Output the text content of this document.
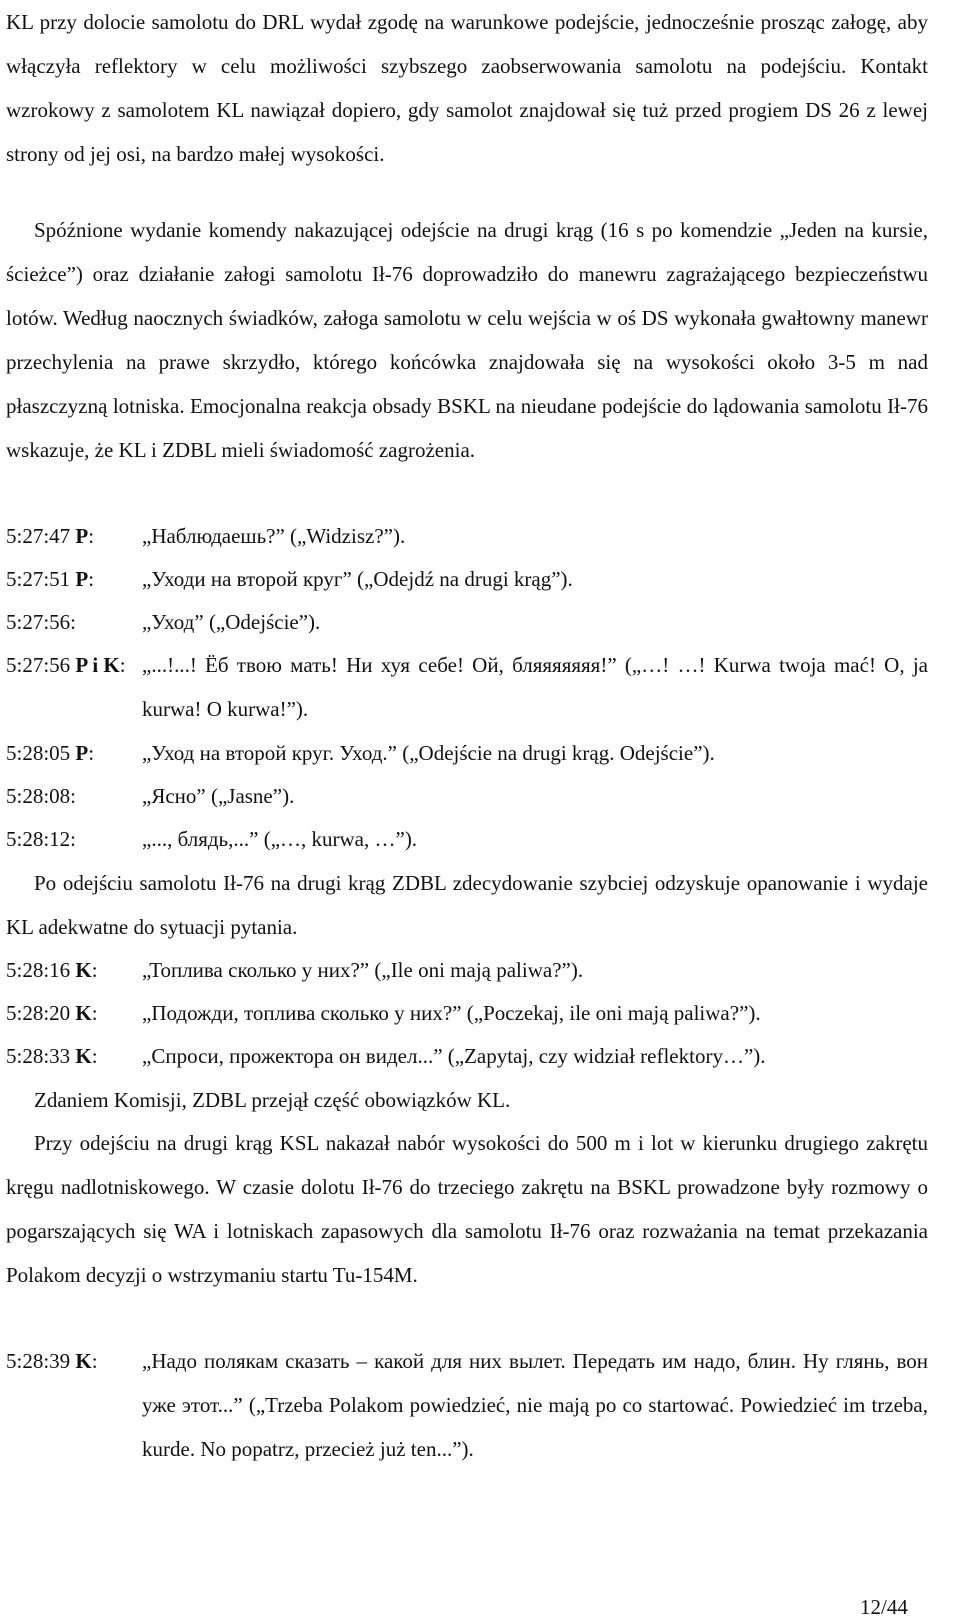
KL przy dolocie samolotu do DRL wydał zgodę na warunkowe podejście, jednocześnie prosząc załogę, aby włączyła reflektory w celu możliwości szybszego zaobserwowania samolotu na podejściu. Kontakt wzrokowy z samolotem KL nawiązał dopiero, gdy samolot znajdował się tuż przed progiem DS 26 z lewej strony od jej osi, na bardzo małej wysokości.
Spóźnione wydanie komendy nakazującej odejście na drugi krąg (16 s po komendzie „Jeden na kursie, ścieżce”) oraz działanie załogi samolotu Ił-76 doprowadziło do manewru zagrażającego bezpieczeństwu lotów. Według naocznych świadków, załoga samolotu w celu wejścia w oś DS wykonała gwałtowny manewr przechylenia na prawe skrzydło, którego końcówka znajdowała się na wysokości około 3-5 m nad płaszczyzną lotniska. Emocjonalna reakcja obsady BSKL na nieudane podejście do lądowania samolotu Ił-76 wskazuje, że KL i ZDBL mieli świadomość zagrożenia.
5:27:47 P: „Наблюдаешь?” („Widzisz?”).
5:27:51 P: „Уходи на второй круг” („Odejdź na drugi krąg”).
5:27:56:	„Уход” („Odejście”).
5:27:56 P i K: „...!...! Ёб твою мать! Ни хуя себе! Ой, бляяяяяяя!” („…! …! Kurwa twoja mać! O, ja kurwa! O kurwa!”).
5:28:05 P: „Уход на второй круг. Уход.” („Odejście na drugi krąg. Odejście”).
5:28:08:	„Ясно” („Jasne”).
5:28:12:	„..., блядь,...” („…, kurwa, …”).
Po odejściu samolotu Ił-76 na drugi krąg ZDBL zdecydowanie szybciej odzyskuje opanowanie i wydaje KL adekwatne do sytuacji pytania.
5:28:16 K: „Топлива сколько у них?” („Ile oni mają paliwa?”).
5:28:20 K: „Подожди, топлива сколько у них?” („Poczekaj, ile oni mają paliwa?”).
5:28:33 K: „Спроси, прожектора он видел...” („Zapytaj, czy widział reflektory…”).
Zdaniem Komisji, ZDBL przejął część obowiązków KL.
Przy odejściu na drugi krąg KSL nakazał nabór wysokości do 500 m i lot w kierunku drugiego zakrętu kręgu nadlotniskowego. W czasie dolotu Ił-76 do trzeciego zakrętu na BSKL prowadzone były rozmowy o pogarszających się WA i lotniskach zapasowych dla samolotu Ił-76 oraz rozważania na temat przekazania Polakom decyzji o wstrzymaniu startu Tu-154M.
5:28:39 K: „Надо полякам сказать – какой для них вылет. Передать им надо, блин. Ну глянь, вон уже этот...” („Trzeba Polakom powiedzieć, nie mają po co startować. Powiedzieć im trzeba, kurde. No popatrz, przecież już ten...”).
12/44
